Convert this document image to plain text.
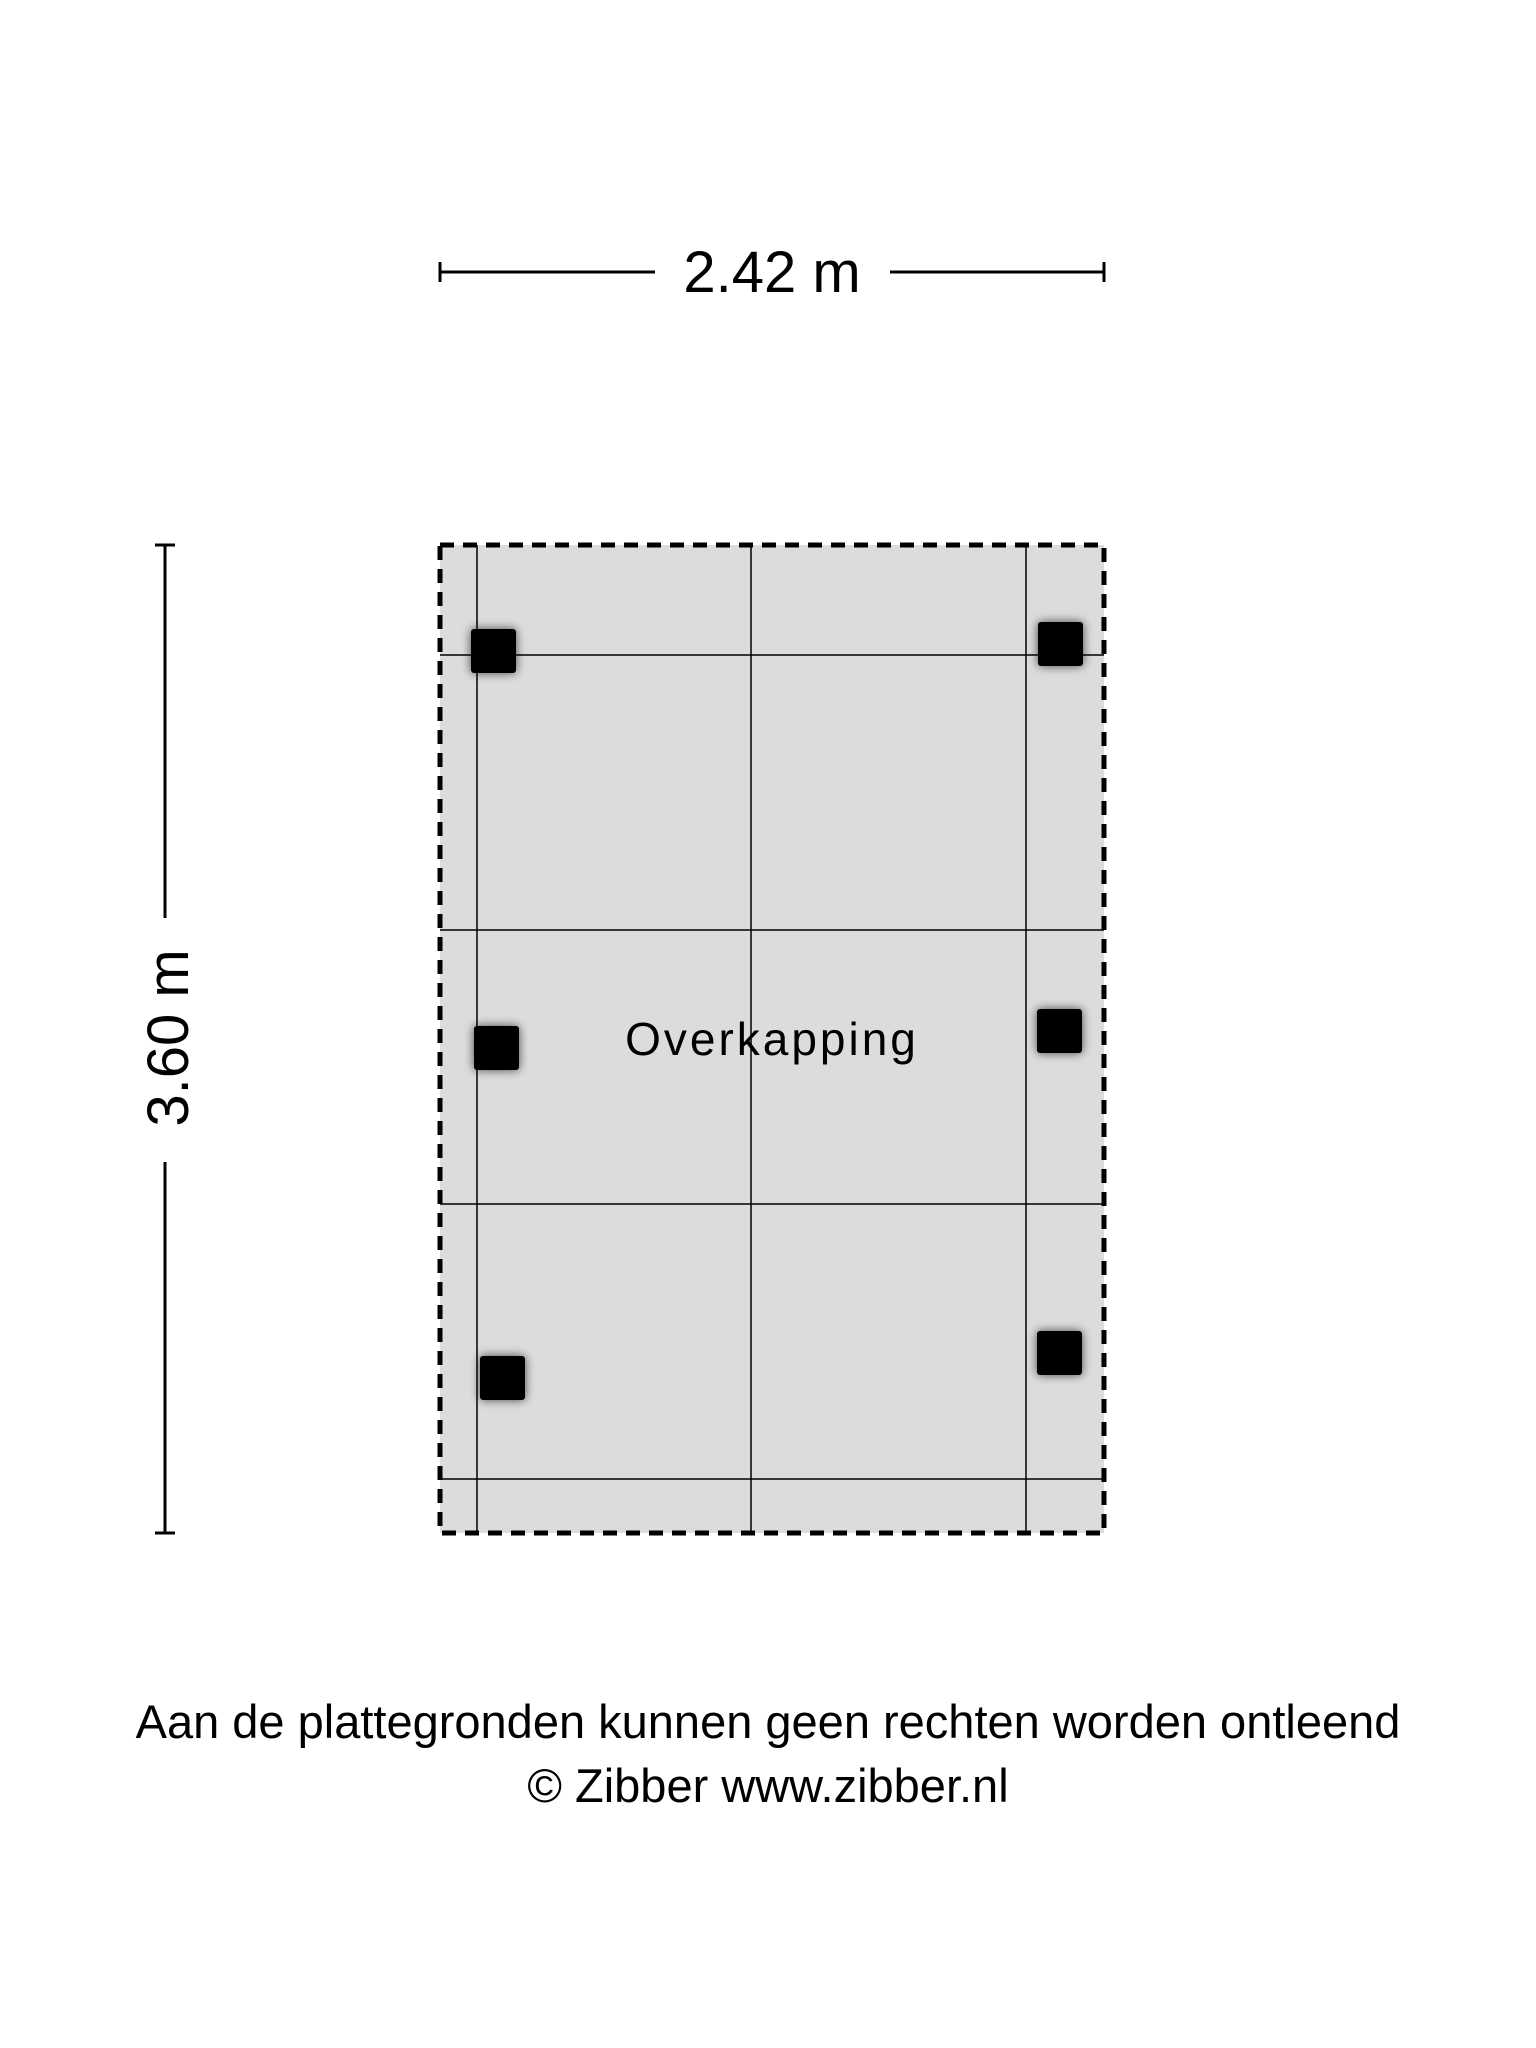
2.42 m
3.60 m	Overkapping
Aan de plattegronden kunnen geen rechten worden ontleend
© Zibber www.zibber.nl
